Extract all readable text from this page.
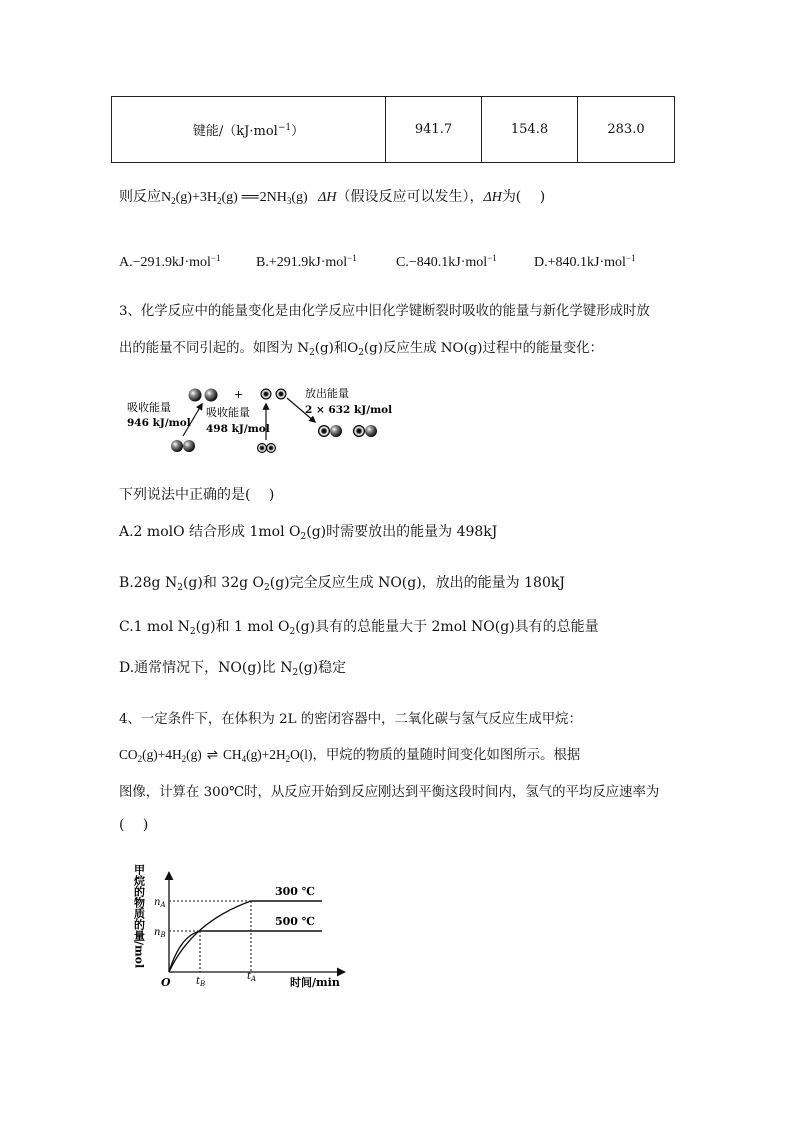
键能/（kJ·mol$^{-1}$）	941.7	154.8	283.0
则反应$N_2(g)+3H_2(g)$ ══ $2NH_3(g)$ ΔH（假设反应可以发生），ΔH为(　 )
A.−291.9kJ·mol$^{-1}$	B.+291.9kJ·mol$^{-1}$	C.−840.1kJ·mol$^{-1}$	D.+840.1kJ·mol$^{-1}$
3、化学反应中的能量变化是由化学反应中旧化学键断裂时吸收的能量与新化学键形成时放
出的能量不同引起的。如图为 $N_2(g)$和$O_2(g)$反应生成 NO(g)过程中的能量变化：
+
吸收能量
946 kJ/mol
吸收能量
498 kJ/mol
放出能量
2 × 632 kJ/mol
下列说法中正确的是(　 )
A.2 molO 结合形成 1mol $O_2(g)$时需要放出的能量为 498kJ
B.28g $N_2(g)$和 32g $O_2(g)$完全反应生成 NO(g)，放出的能量为 180kJ
C.1 mol $N_2(g)$和 1 mol $O_2(g)$具有的总能量大于 2mol NO(g)具有的总能量
D.通常情况下，NO(g)比 $N_2(g)$稳定
4、一定条件下，在体积为 2L 的密闭容器中，二氧化碳与氢气反应生成甲烷：
$CO_2(g)+4H_2(g)$ ⇌ $CH_4(g)+2H_2O(l)$，甲烷的物质的量随时间变化如图所示。根据
图像，计算在 300℃时，从反应开始到反应刚达到平衡这段时间内，氢气的平均反应速率为
(　 )
甲烷的物质的量/mol
O
300 ℃
500 ℃
$n_A$
$n_B$
$t_B$
$t_A$	时间/min
